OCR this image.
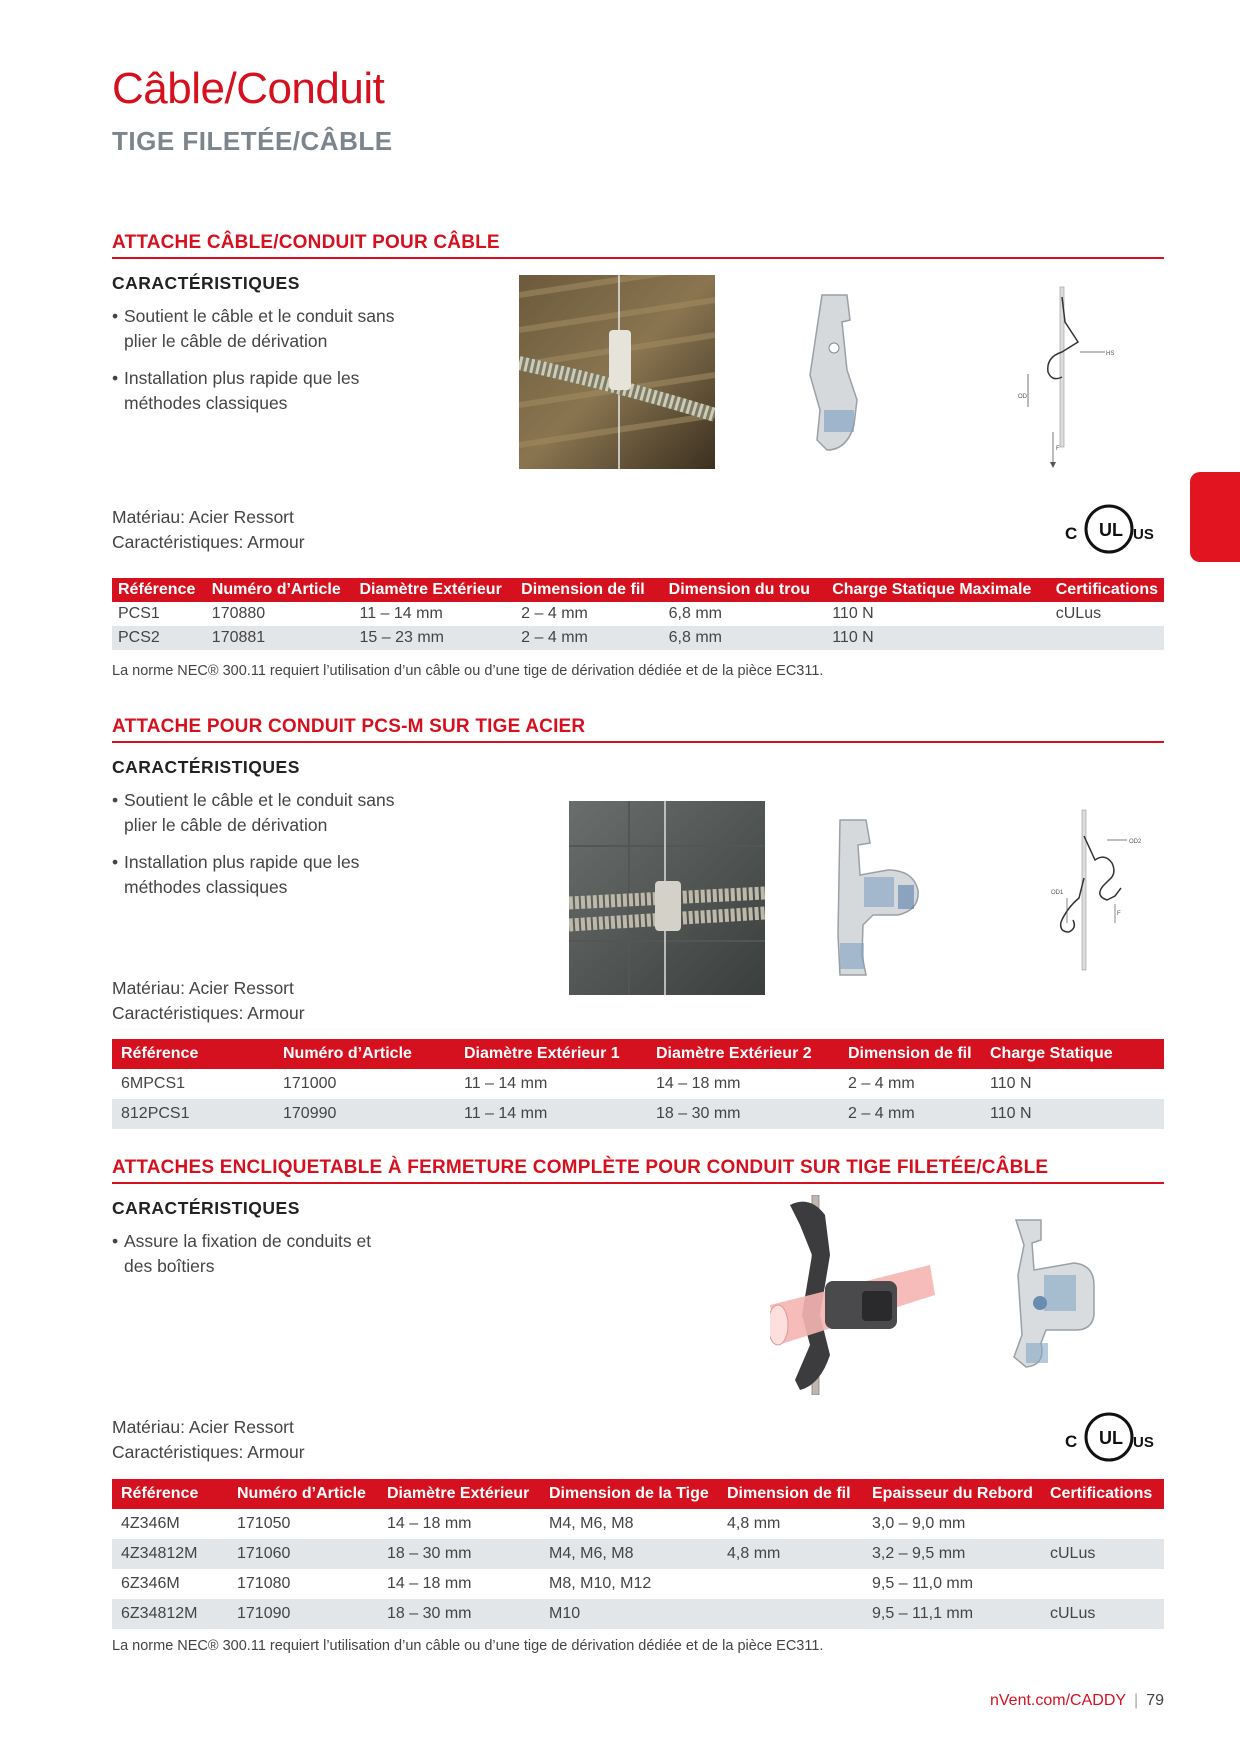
Câble/Conduit
TIGE FILETÉE/CÂBLE
ATTACHE CÂBLE/CONDUIT POUR CÂBLE
CARACTÉRISTIQUES
• Soutient le câble et le conduit sans plier le câble de dérivation
• Installation plus rapide que les méthodes classiques
HS
OD
F
C UL US
Matériau: Acier Ressort
Caractéristiques: Armour
Référence	Numéro d’Article	Diamètre Extérieur	Dimension de fil	Dimension du trou	Charge Statique Maximale	Certifications
PCS1	170880	11 – 14 mm	2 – 4 mm	6,8 mm	110 N	cULus
PCS2	170881	15 – 23 mm	2 – 4 mm	6,8 mm	110 N	
La norme NEC® 300.11 requiert l’utilisation d’un câble ou d’une tige de dérivation dédiée et de la pièce EC311.
ATTACHE POUR CONDUIT PCS-M SUR TIGE ACIER
CARACTÉRISTIQUES
• Soutient le câble et le conduit sans plier le câble de dérivation
• Installation plus rapide que les méthodes classiques
OD2
OD1
F
Matériau: Acier Ressort
Caractéristiques: Armour
Référence	Numéro d’Article	Diamètre Extérieur 1	Diamètre Extérieur 2	Dimension de fil	Charge Statique
6MPCS1	171000	11 – 14 mm	14 – 18 mm	2 – 4 mm	110 N
812PCS1	170990	11 – 14 mm	18 – 30 mm	2 – 4 mm	110 N
ATTACHES ENCLIQUETABLE À FERMETURE COMPLÈTE POUR CONDUIT SUR TIGE FILETÉE/CÂBLE
CARACTÉRISTIQUES
• Assure la fixation de conduits et des boîtiers
C UL US
Matériau: Acier Ressort
Caractéristiques: Armour
Référence	Numéro d’Article	Diamètre Extérieur	Dimension de la Tige	Dimension de fil	Epaisseur du Rebord	Certifications
4Z346M	171050	14 – 18 mm	M4, M6, M8	4,8 mm	3,0 – 9,0 mm	
4Z34812M	171060	18 – 30 mm	M4, M6, M8	4,8 mm	3,2 – 9,5 mm	cULus
6Z346M	171080	14 – 18 mm	M8, M10, M12		9,5 – 11,0 mm	
6Z34812M	171090	18 – 30 mm	M10		9,5 – 11,1 mm	cULus
La norme NEC® 300.11 requiert l’utilisation d’un câble ou d’une tige de dérivation dédiée et de la pièce EC311.
nVent.com/CADDY | 79
